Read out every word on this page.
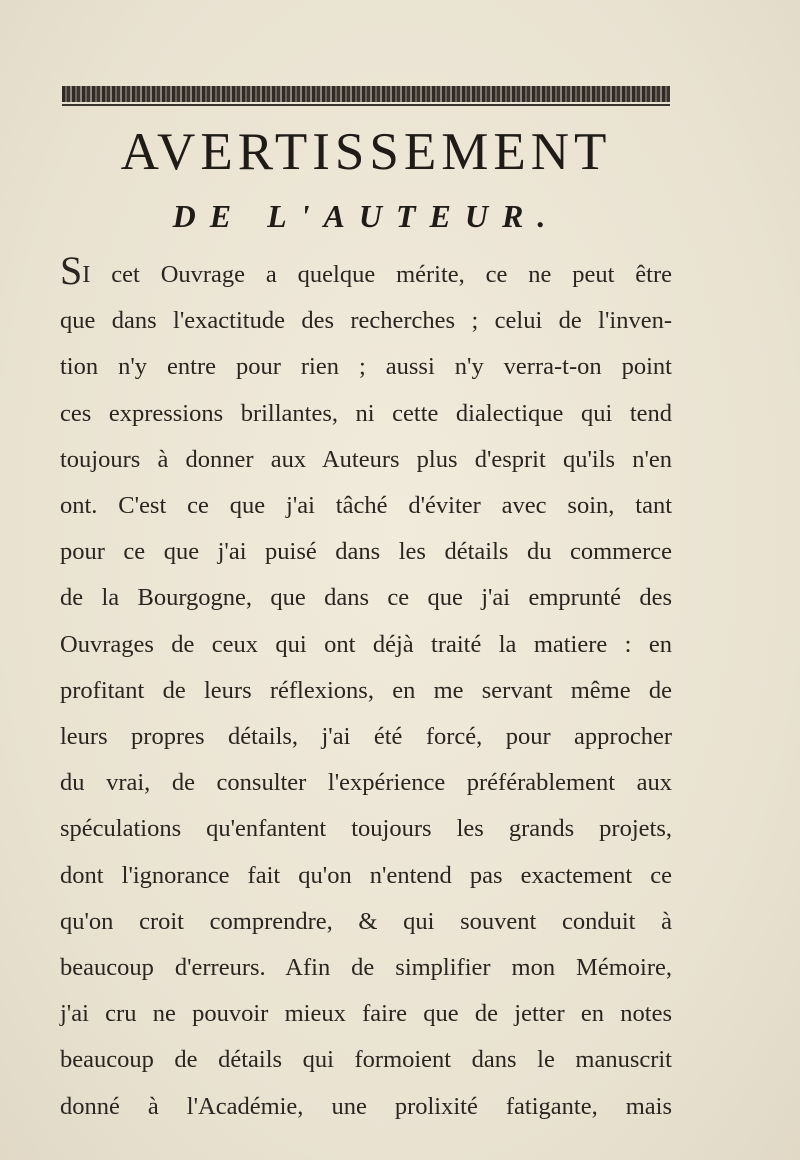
AVERTISSEMENT
DE L'AUTEUR.
SI cet Ouvrage a quelque mérite, ce ne peut être
que dans l'exactitude des recherches ; celui de l'inven-
tion n'y entre pour rien ; aussi n'y verra-t-on point
ces expressions brillantes, ni cette dialectique qui tend
toujours à donner aux Auteurs plus d'esprit qu'ils n'en
ont. C'est ce que j'ai tâché d'éviter avec soin, tant
pour ce que j'ai puisé dans les détails du commerce
de la Bourgogne, que dans ce que j'ai emprunté des
Ouvrages de ceux qui ont déjà traité la matiere : en
profitant de leurs réflexions, en me servant même de
leurs propres détails, j'ai été forcé, pour approcher
du vrai, de consulter l'expérience préférablement aux
spéculations qu'enfantent toujours les grands projets,
dont l'ignorance fait qu'on n'entend pas exactement ce
qu'on croit comprendre, & qui souvent conduit à
beaucoup d'erreurs. Afin de simplifier mon Mémoire,
j'ai cru ne pouvoir mieux faire que de jetter en notes
beaucoup de détails qui formoient dans le manuscrit
donné à l'Académie, une prolixité fatigante, mais
